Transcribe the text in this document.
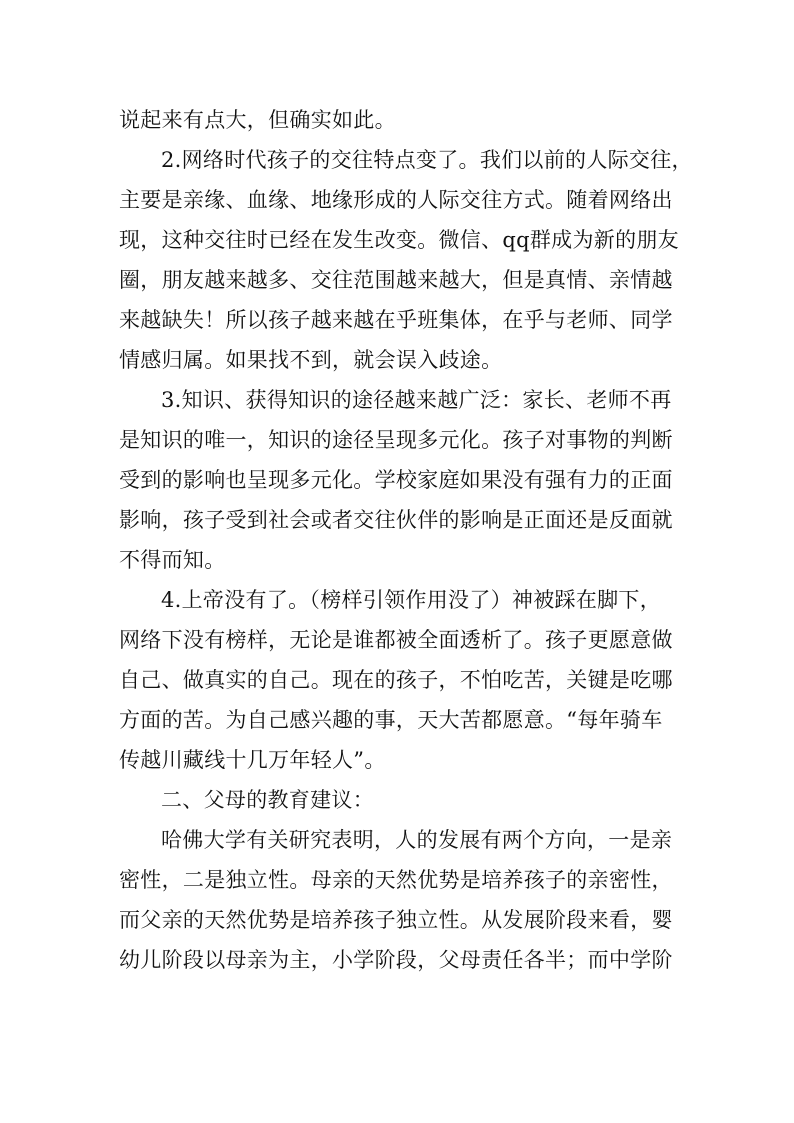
说起来有点大，但确实如此。
2.网络时代孩子的交往特点变了。我们以前的人际交往，
主要是亲缘、血缘、地缘形成的人际交往方式。随着网络出
现，这种交往时已经在发生改变。微信、qq群成为新的朋友
圈，朋友越来越多、交往范围越来越大，但是真情、亲情越
来越缺失！所以孩子越来越在乎班集体，在乎与老师、同学
情感归属。如果找不到，就会误入歧途。
3.知识、获得知识的途径越来越广泛：家长、老师不再
是知识的唯一，知识的途径呈现多元化。孩子对事物的判断
受到的影响也呈现多元化。学校家庭如果没有强有力的正面
影响，孩子受到社会或者交往伙伴的影响是正面还是反面就
不得而知。
4.上帝没有了。（榜样引领作用没了）神被踩在脚下，
网络下没有榜样，无论是谁都被全面透析了。孩子更愿意做
自己、做真实的自己。现在的孩子，不怕吃苦，关键是吃哪
方面的苦。为自己感兴趣的事，天大苦都愿意。“每年骑车
传越川藏线十几万年轻人”。
二、父母的教育建议：
哈佛大学有关研究表明，人的发展有两个方向，一是亲
密性，二是独立性。母亲的天然优势是培养孩子的亲密性，
而父亲的天然优势是培养孩子独立性。从发展阶段来看，婴
幼儿阶段以母亲为主，小学阶段，父母责任各半；而中学阶
